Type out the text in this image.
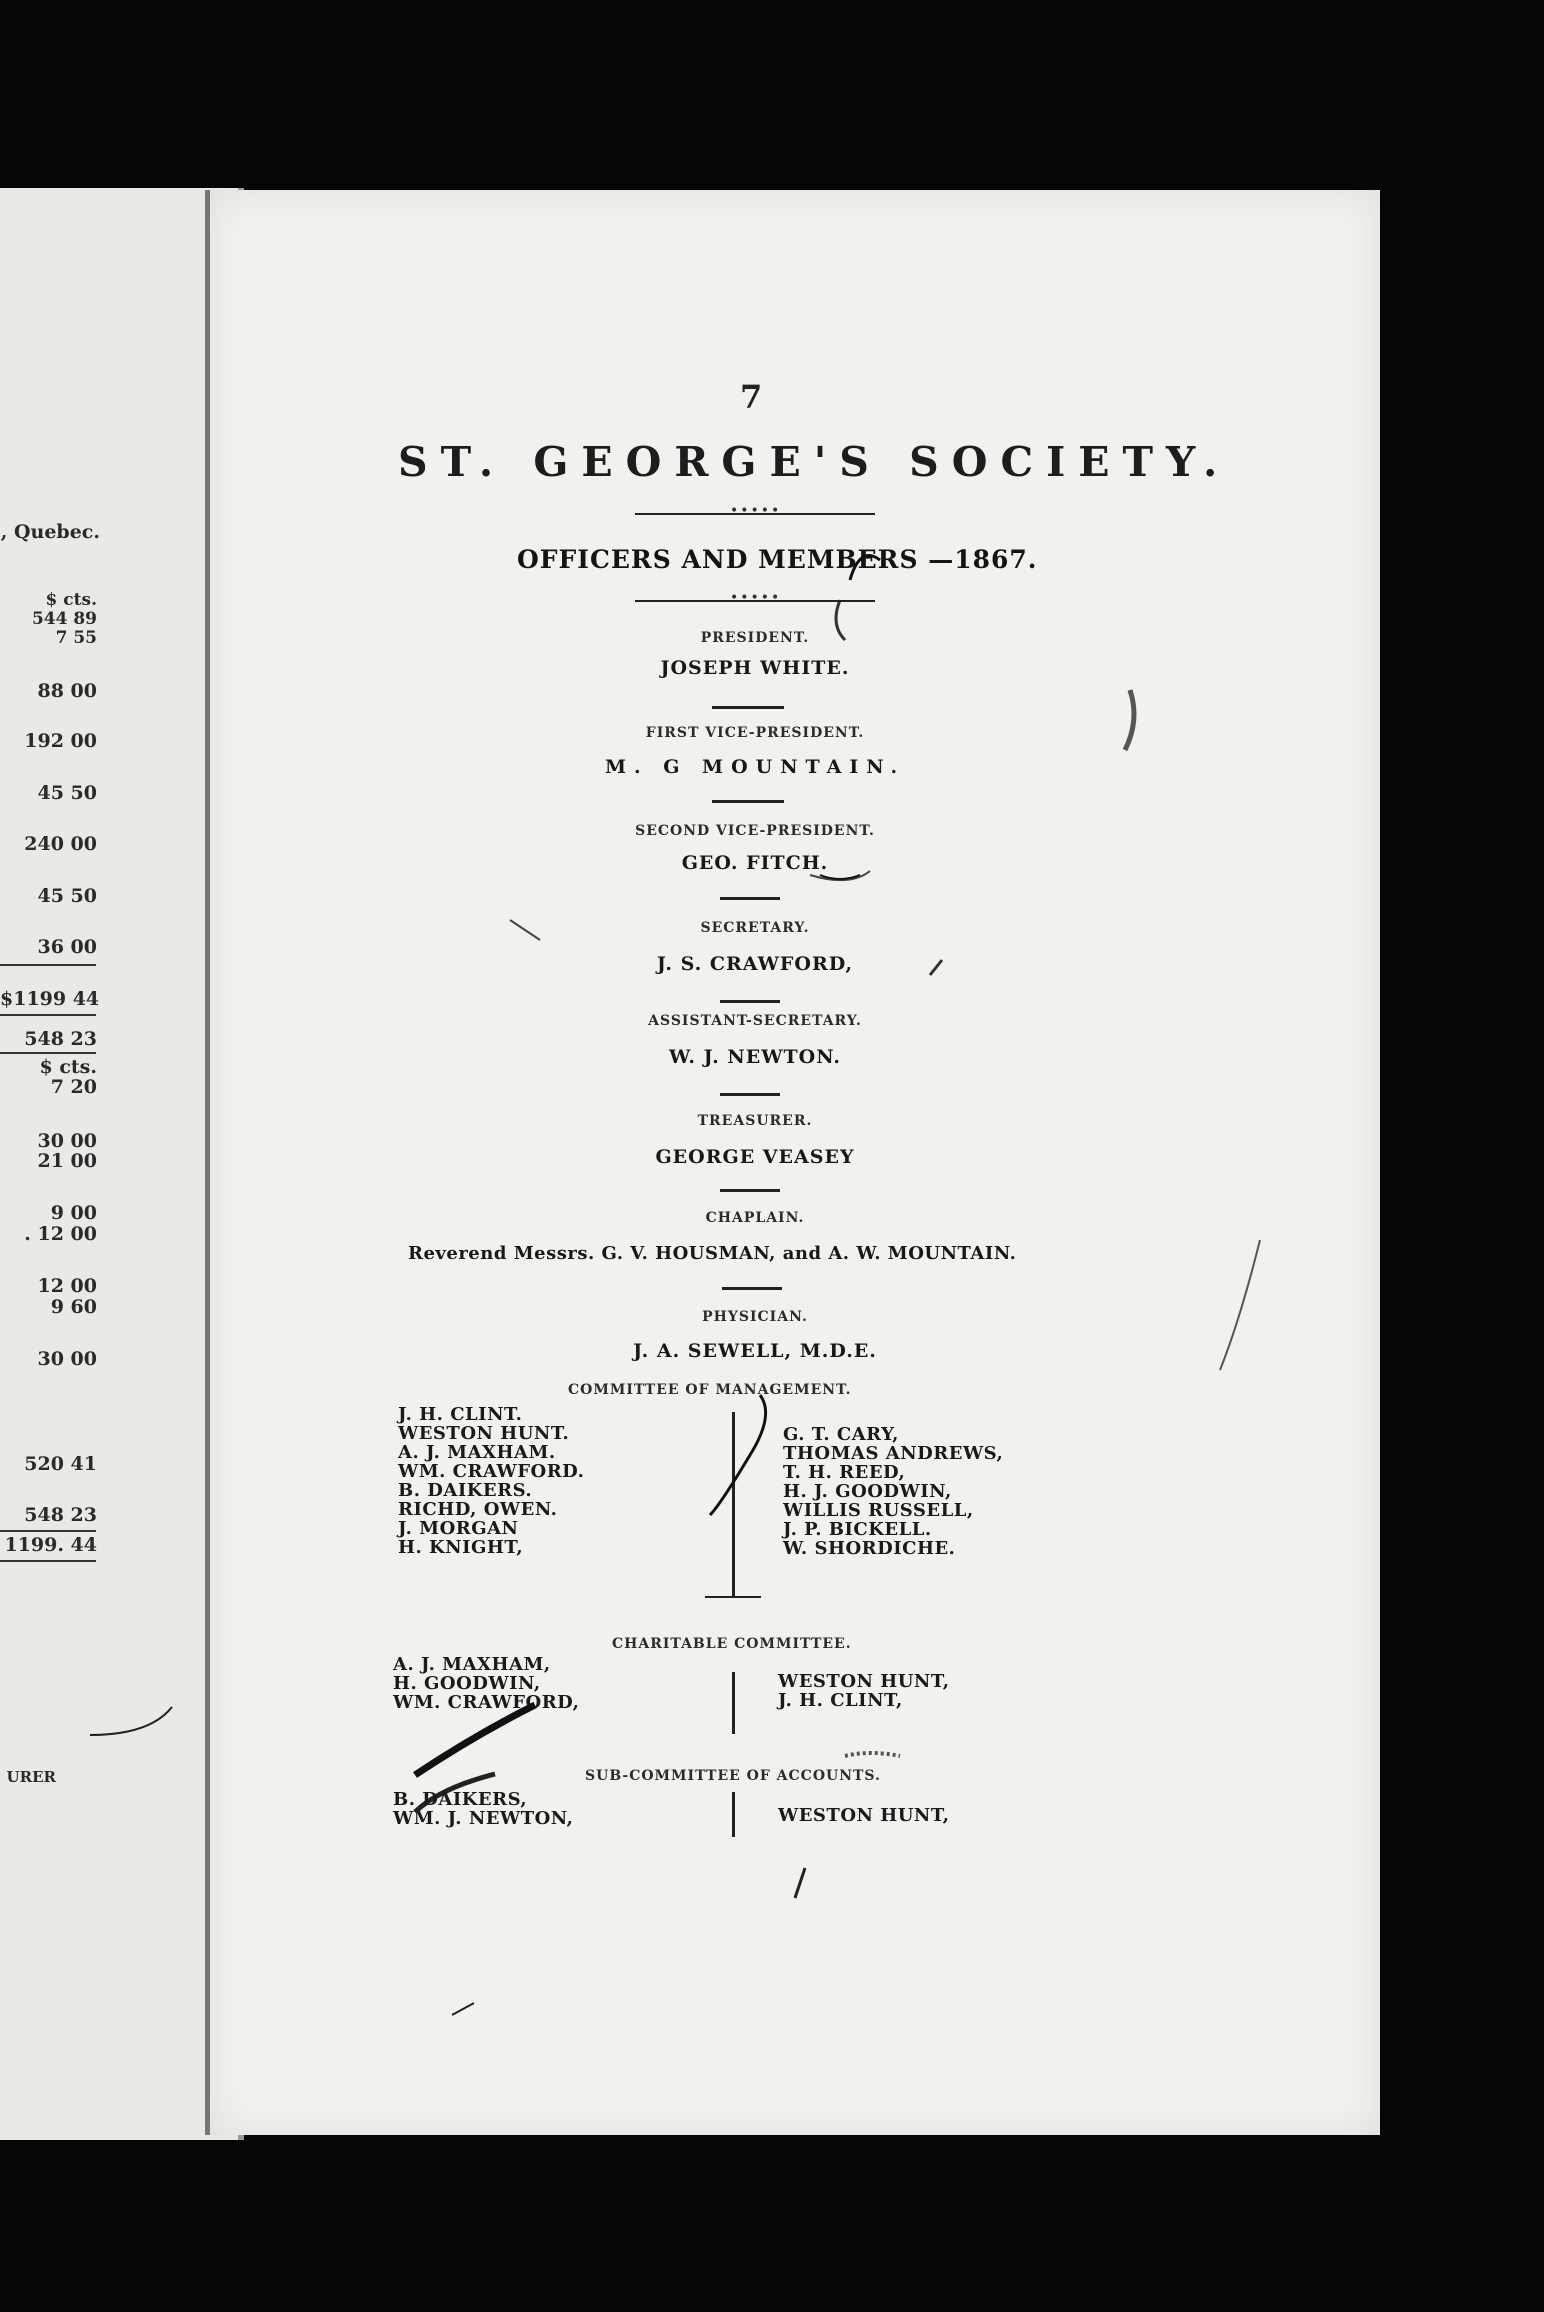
, Quebec.
$ cts.
544 89
7 55
88 00
192 00
45 50
240 00
45 50
36 00
$1199 44
548 23
$ cts.
7 20
30 00
21 00
9 00
. 12 00
12 00
9 60
30 00
520 41
548 23
1199. 44
URER
7
ST. GEORGE'S SOCIETY.
•••••
OFFICERS AND MEMBERS —1867.
•••••
PRESIDENT.
JOSEPH WHITE.
FIRST VICE-PRESIDENT.
M. G MOUNTAIN.
SECOND VICE-PRESIDENT.
GEO. FITCH.
SECRETARY.
J. S. CRAWFORD,
ASSISTANT-SECRETARY.
W. J. NEWTON.
TREASURER.
GEORGE VEASEY
CHAPLAIN.
Reverend Messrs. G. V. HOUSMAN, and A. W. MOUNTAIN.
PHYSICIAN.
J. A. SEWELL, M.D.E.
COMMITTEE OF MANAGEMENT.
J. H. CLINT.
WESTON HUNT.
A. J. MAXHAM.
WM. CRAWFORD.
B. DAIKERS.
RICHD, OWEN.
J. MORGAN
H. KNIGHT,
G. T. CARY,
THOMAS ANDREWS,
T. H. REED,
H. J. GOODWIN,
WILLIS RUSSELL,
J. P. BICKELL.
W. SHORDICHE.
CHARITABLE COMMITTEE.
A. J. MAXHAM,
H. GOODWIN,
WM. CRAWFORD,
WESTON HUNT,
J. H. CLINT,
SUB-COMMITTEE OF ACCOUNTS.
B. DAIKERS,
WM. J. NEWTON,	WESTON HUNT,
